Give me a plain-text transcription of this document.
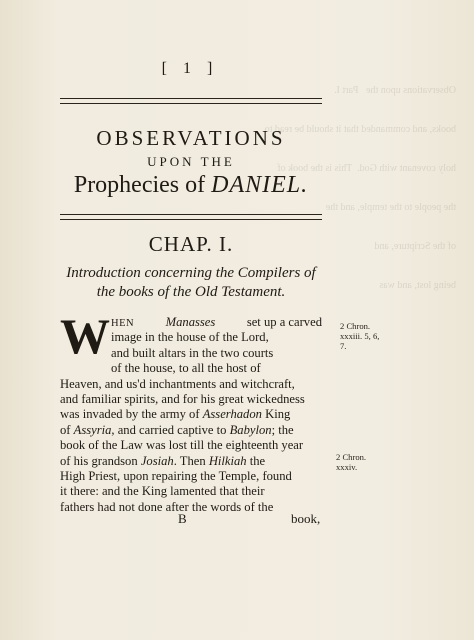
Observations upon the   Part I.

books, and commanded that it should be read to

holy covenant with God.  This is the book of

the people to the temple, and the

of the Scripture, and

being lost, and was

[ 1 ]
OBSERVATIONS
UPON THE
Prophecies of DANIEL.
CHAP. I.
Introduction concerning the Compilers of
the books of the Old Testament.
W HEN	Manasses	set up a carved
image in the house of the Lord,
and built altars in the two courts
of the house, to all the host of
Heaven, and us'd inchantments and witchcraft,
and familiar spirits, and for his great wickedness
was invaded by the army of Asserhadon King
of Assyria, and carried captive to Babylon; the
book of the Law was lost till the eighteenth year
of his grandson Josiah. Then Hilkiah the
High Priest, upon repairing the Temple, found
it there: and the King lamented that their
fathers had not done after the words of the
2 Chron.
xxxiii. 5, 6,
7.
2 Chron.
xxxiv.
B	book,
